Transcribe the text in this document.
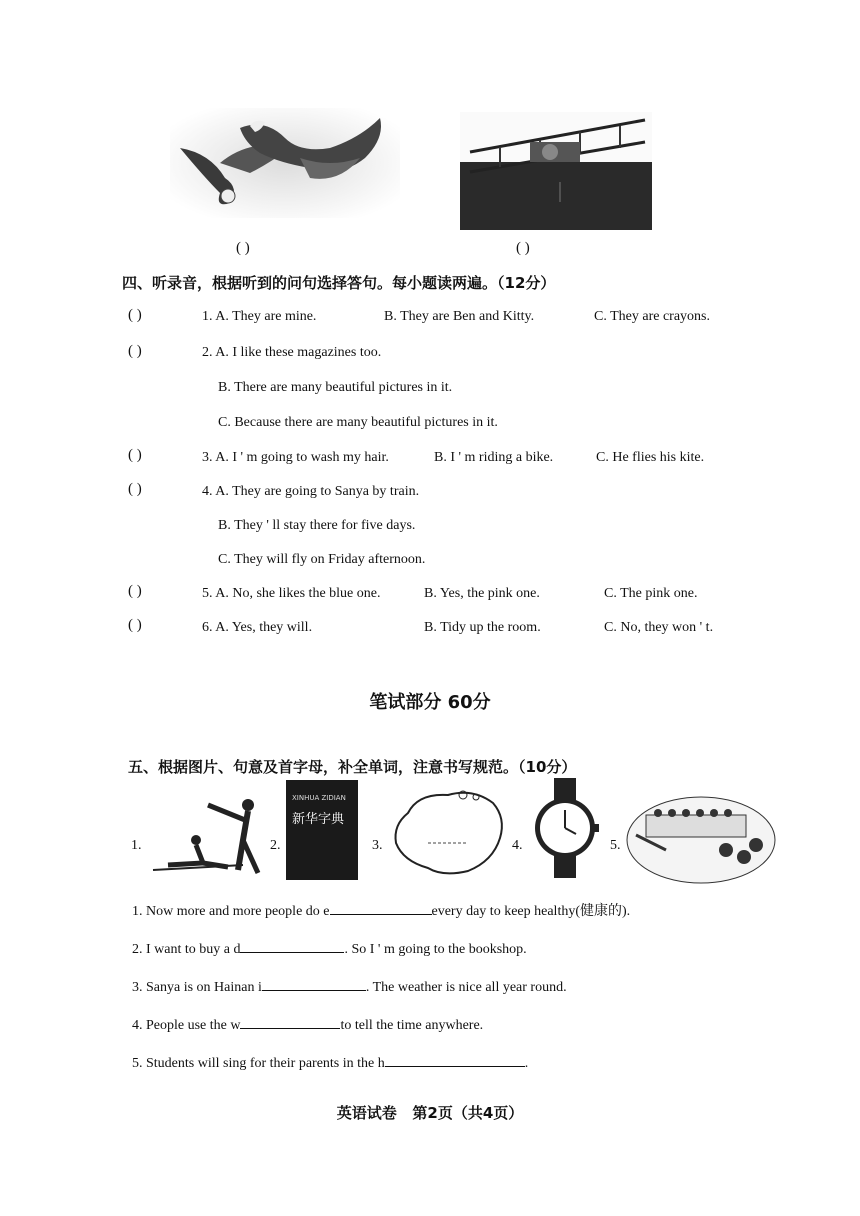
( )	( )
四、听录音，根据听到的问句选择答句。每小题读两遍。（12分）
( )	1. A. They are mine.	B. They are Ben and Kitty.	C. They are crayons.
( )	2. A. I like these magazines too.
B. There are many beautiful pictures in it.
C. Because there are many beautiful pictures in it.
( )	3. A. I ' m going to wash my hair.	B. I ' m riding a bike.	C. He flies his kite.
( )	4. A. They are going to Sanya by train.
B. They ' ll stay there for five days.
C. They will fly on Friday afternoon.
( )	5. A. No, she likes the blue one.	B. Yes, the pink one.	C. The pink one.
( )	6. A. Yes, they will.	B. Tidy up the room.	C. No, they won ' t.
笔试部分 60分
五、根据图片、句意及首字母，补全单词，注意书写规范。（10分）
1.	2.
XINHUA ZIDIAN
新华字典
3.	4.	5.
1. Now more and more people do e	every day to keep healthy(健康的).
2. I want to buy a d	. So I ' m going to the bookshop.
3. Sanya is on Hainan i	. The weather is nice all year round.
4. People use the w	to tell the time anywhere.
5. Students will sing for their parents in the h	.
英语试卷   第2页（共4页）
